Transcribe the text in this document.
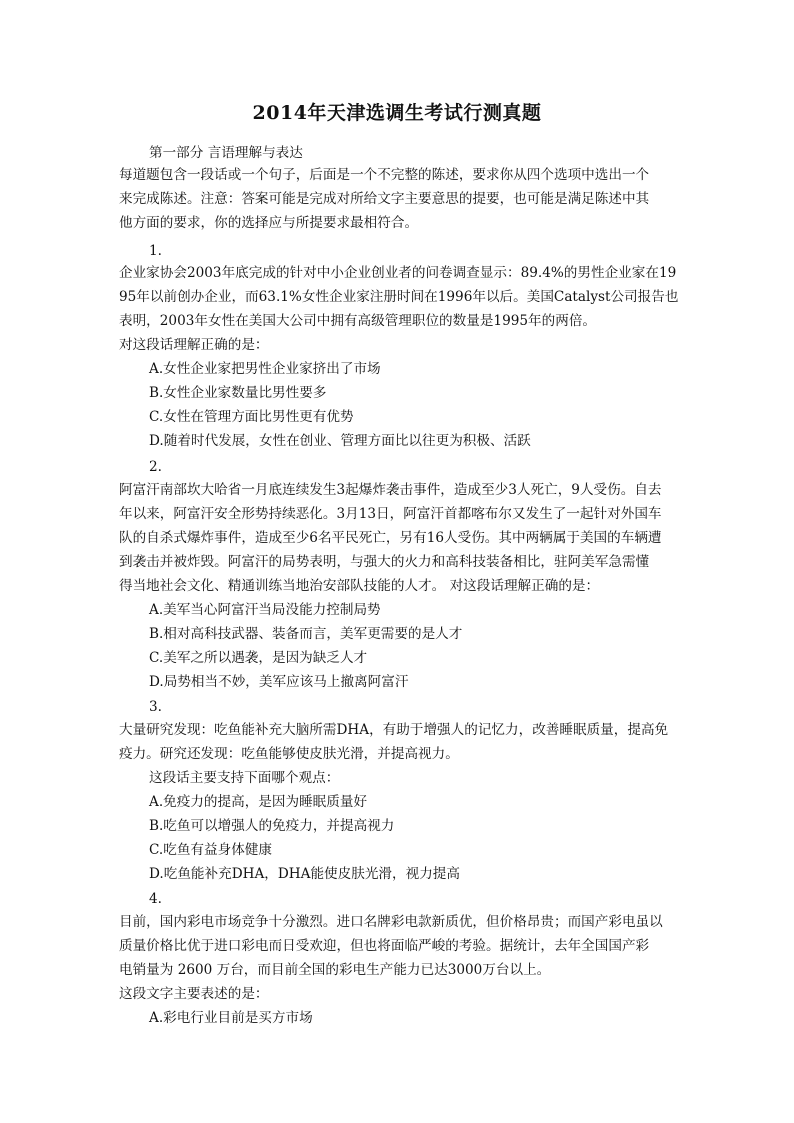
2014年天津选调生考试行测真题
第一部分 言语理解与表达
每道题包含一段话或一个句子，后面是一个不完整的陈述，要求你从四个选项中选出一个
来完成陈述。注意：答案可能是完成对所给文字主要意思的提要，也可能是满足陈述中其
他方面的要求，你的选择应与所提要求最相符合。
1.
企业家协会2003年底完成的针对中小企业创业者的问卷调查显示：89.4%的男性企业家在19
95年以前创办企业，而63.1%女性企业家注册时间在1996年以后。美国Catalyst公司报告也
表明，2003年女性在美国大公司中拥有高级管理职位的数量是1995年的两倍。
对这段话理解正确的是：
A.女性企业家把男性企业家挤出了市场
B.女性企业家数量比男性要多
C.女性在管理方面比男性更有优势
D.随着时代发展，女性在创业、管理方面比以往更为积极、活跃
2.
阿富汗南部坎大哈省一月底连续发生3起爆炸袭击事件，造成至少3人死亡，9人受伤。自去
年以来，阿富汗安全形势持续恶化。3月13日，阿富汗首都喀布尔又发生了一起针对外国车
队的自杀式爆炸事件，造成至少6名平民死亡，另有16人受伤。其中两辆属于美国的车辆遭
到袭击并被炸毁。阿富汗的局势表明，与强大的火力和高科技装备相比，驻阿美军急需懂
得当地社会文化、精通训练当地治安部队技能的人才。 对这段话理解正确的是：
A.美军当心阿富汗当局没能力控制局势
B.相对高科技武器、装备而言，美军更需要的是人才
C.美军之所以遇袭，是因为缺乏人才
D.局势相当不妙，美军应该马上撤离阿富汗
3.
大量研究发现：吃鱼能补充大脑所需DHA，有助于增强人的记忆力，改善睡眠质量，提高免
疫力。研究还发现：吃鱼能够使皮肤光滑，并提高视力。
这段话主要支持下面哪个观点：
A.免疫力的提高，是因为睡眠质量好
B.吃鱼可以增强人的免疫力，并提高视力
C.吃鱼有益身体健康
D.吃鱼能补充DHA，DHA能使皮肤光滑，视力提高
4.
目前，国内彩电市场竞争十分激烈。进口名牌彩电款新质优，但价格昂贵；而国产彩电虽以
质量价格比优于进口彩电而日受欢迎，但也将面临严峻的考验。据统计，去年全国国产彩
电销量为 2600 万台，而目前全国的彩电生产能力已达3000万台以上。
这段文字主要表述的是：
A.彩电行业目前是买方市场
